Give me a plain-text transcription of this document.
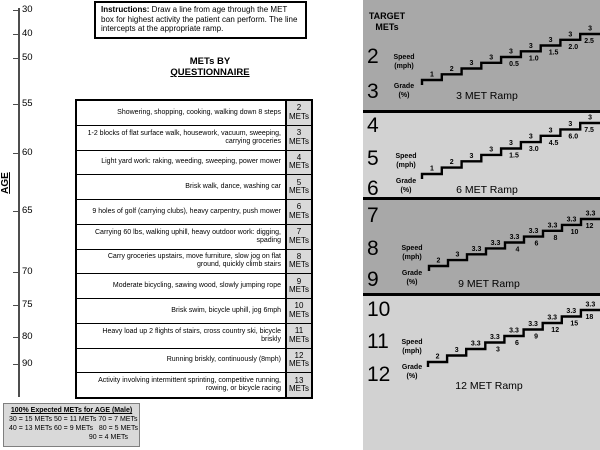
AGE
30
40
50
55
60
65
70
75
80
90
Instructions: Draw a line from age through the MET box for highest activity the patient can perform. The line intercepts at the appropriate ramp.
METs BY
QUESTIONNAIRE
Showering, shopping, cooking, walking down 8 steps	2
METs
1-2 blocks of flat surface walk, housework, vacuum, sweeping, carrying groceries
3
METs
Light yard work: raking, weeding, sweeping, power mower	4
METs
Brisk walk, dance, washing car	5
METs
9 holes of golf (carrying clubs), heavy carpentry, push mower	6
METs
Carrying 60 lbs, walking uphill, heavy outdoor work: digging, spading
7
METs
Carry groceries upstairs, move furniture, slow jog on flat ground, quickly climb stairs
8
METs
Moderate bicycling, sawing wood, slowly jumping rope	9
METs
Brisk swim, bicycle uphill, jog 6mph	10
METs
Heavy load up 2 flights of stairs, cross country ski, bicycle briskly
11
METs
Running briskly, continuously (8mph)	12
METs
Activity involving intermittent sprinting, competitive running, rowing, or bicycle racing
13
METs
100% Expected METs for AGE (Male)
30 = 15 METs 50 = 11 METs 70 = 7 METs
40 = 13 METs 60 = 9 METs   80 = 5 METs
90 = 4 METs
TARGET
METs
2
3
Speed
(mph)
Grade
(%)	3 MET Ramp
1
2
3
3
3
0.5
3
1.0
3
1.5
3
2.0
3
2.5
4
5
6
Speed
(mph)
Grade
(%)	6 MET Ramp
1
2
3
3
3
1.5
3
3.0
3
4.5
3
6.0
3
7.5
7
8
9
Speed
(mph)
Grade
(%)	9 MET Ramp
2
3
3.3
3.3
3.3
4
3.3
6
3.3
8
3.3
10
3.3
12
10
11
12
Speed
(mph)
Grade
(%)
12 MET Ramp
2
3
3.3
3.3
3
3.3
6
3.3
9
3.3
12
3.3
15
3.3
18
